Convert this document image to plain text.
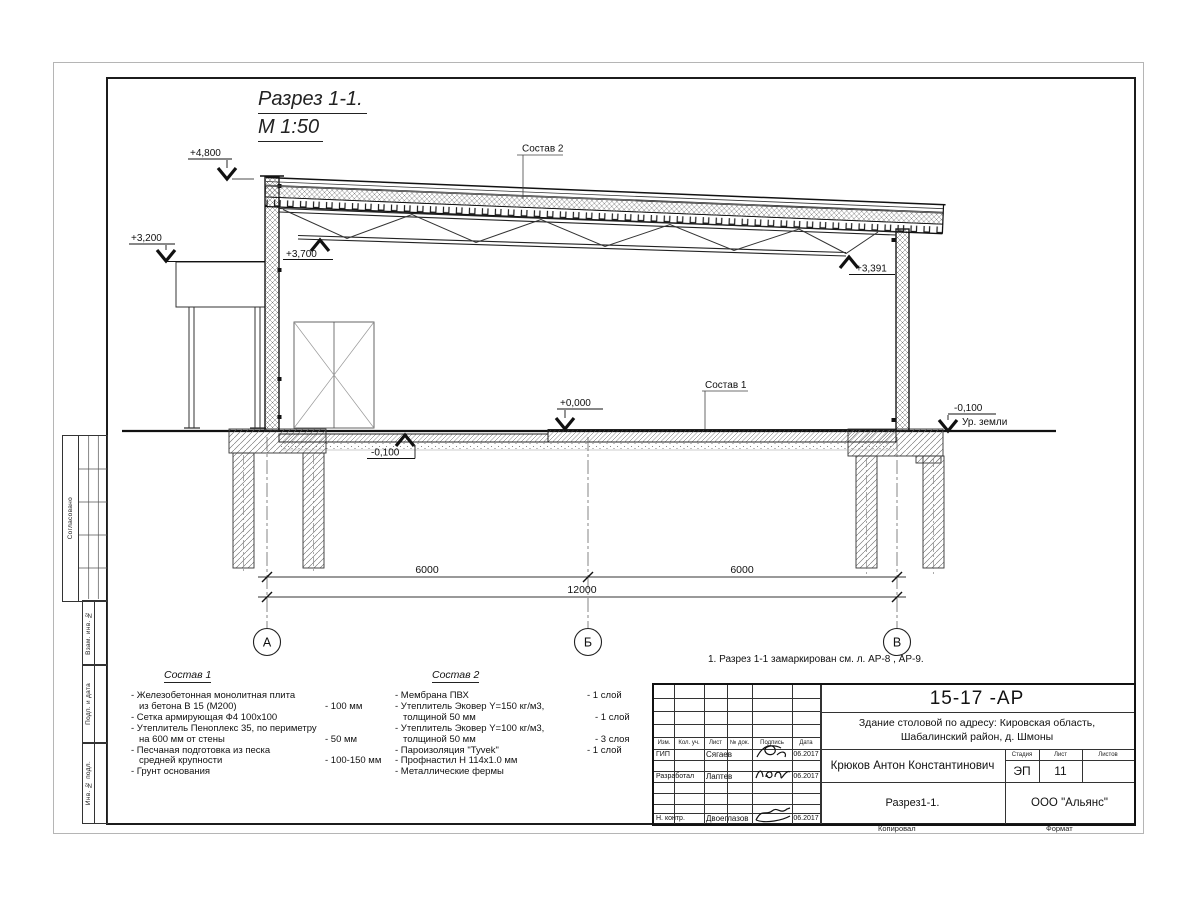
6000	6000
12000
А	Б	В
+4,800
+3,200
+3,700
+3,391
+0,000
-0,100
-0,100
Ур. земли
Состав 2
Состав 1
Разрез 1-1.
М 1:50
Состав 1	Состав 2
- Железобетонная монолитная плита
из бетона В 15 (М200)	- 100 мм
- Сетка армирующая Ф4 100x100
- Утеплитель Пеноплекс 35, по периметру
на 600 мм от стены	- 50 мм
- Песчаная подготовка из песка
средней крупности	- 100-150 мм
- Грунт основания
- Мембрана ПВХ	- 1 слой
- Утеплитель Эковер Y=150 кг/м3,
толщиной 50 мм	- 1 слой
- Утеплитель Эковер Y=100 кг/м3,
толщиной 50 мм	- 3 слоя
- Пароизоляция "Tyvek"	- 1 слой
- Профнастил Н 114x1.0 мм
- Металлические фермы
1. Разрез 1-1 замаркирован см. л. АР-8 , АР-9.
Согласовано
Взам. инв. №
Подп. и дата
Инв. № подл.
Изм.	Кол. уч.	Лист	№ док.	Подпись	Дата
ГИП	Сягаев	06.2017
Разработал	Лаптев	06.2017
Н. контр.	Двоеглазов	06.2017
15-17 -АР
Здание столовой по адресу: Кировская область,
Шабалинский район, д. Шмоны
Крюков Антон Константинович
Стадия	Лист	Листов
ЭП	11
Разрез1-1.	ООО "Альянс"
Копировал	Формат
